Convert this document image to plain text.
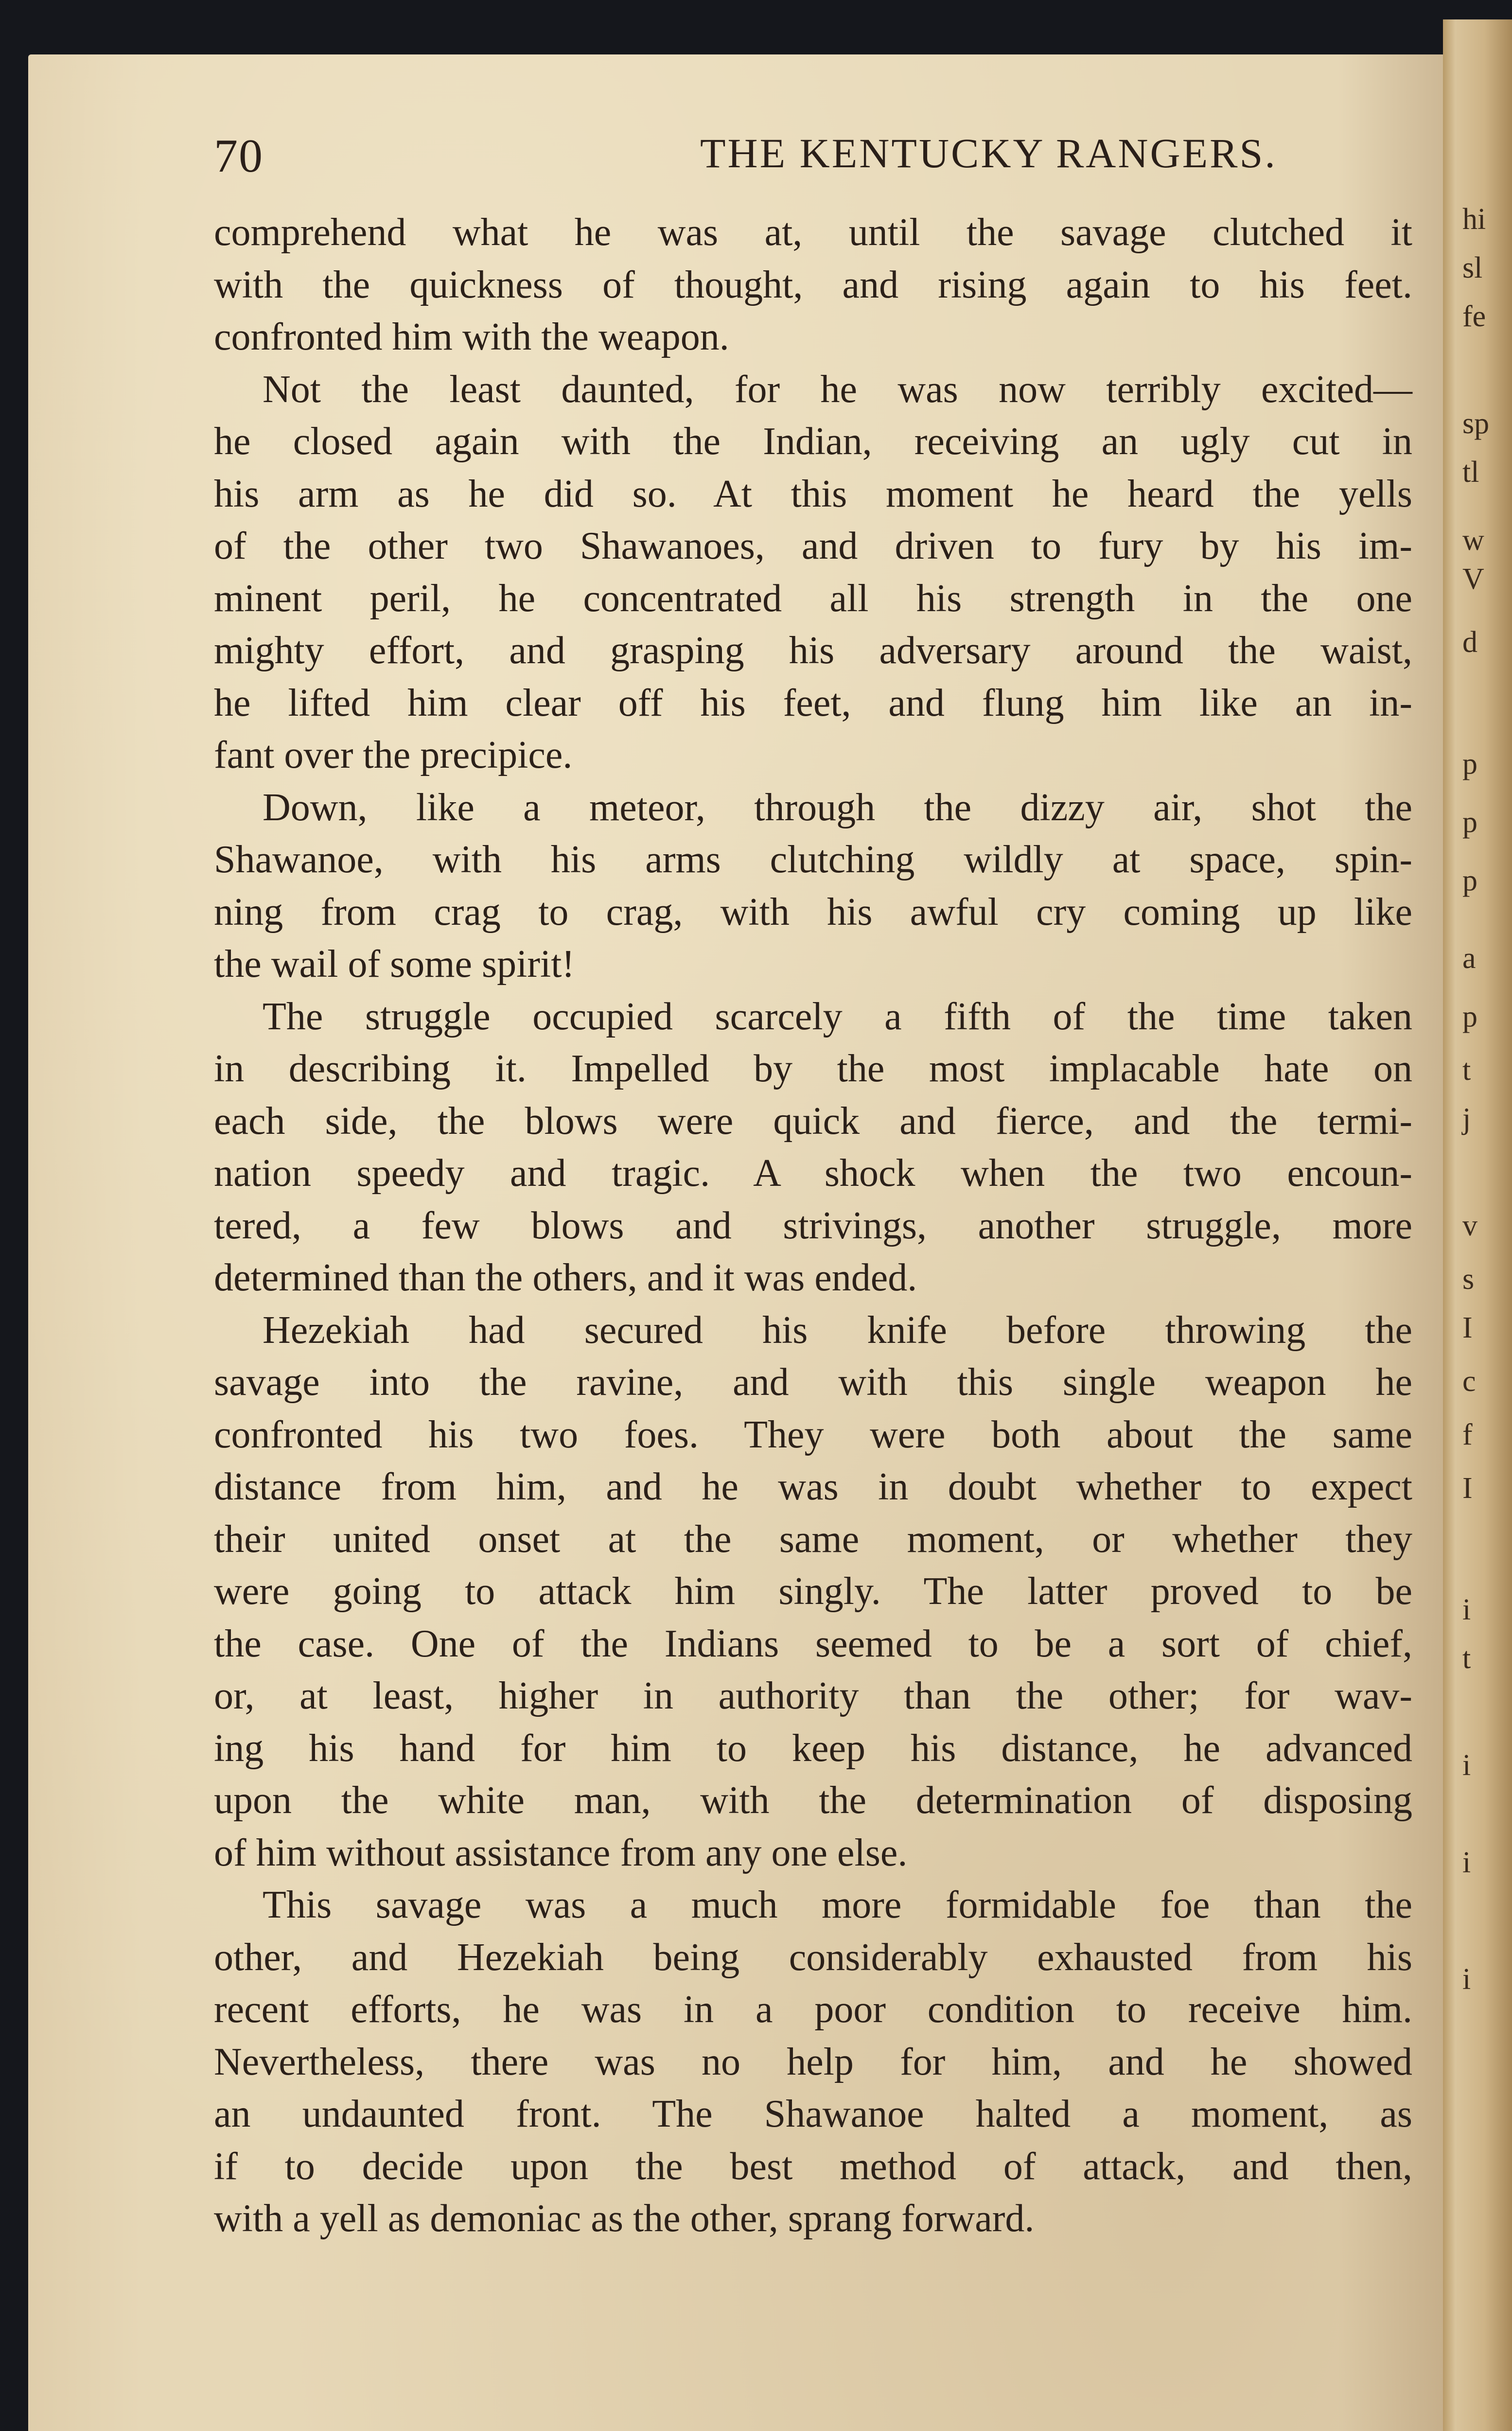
hi
sl
fe
sp
tl
w
V
d
p
p
p
a
p
t
j
v
s
I
c
f
I
i
t
i
i
i
70	THE KENTUCKY RANGERS.
comprehend what he was at, until the savage clutched it
with the quickness of thought, and rising again to his feet.
confronted him with the weapon.
Not the least daunted, for he was now terribly excited—
he closed again with the Indian, receiving an ugly cut in
his arm as he did so. At this moment he heard the yells
of the other two Shawanoes, and driven to fury by his im-
minent peril, he concentrated all his strength in the one
mighty effort, and grasping his adversary around the waist,
he lifted him clear off his feet, and flung him like an in-
fant over the precipice.
Down, like a meteor, through the dizzy air, shot the
Shawanoe, with his arms clutching wildly at space, spin-
ning from crag to crag, with his awful cry coming up like
the wail of some spirit!
The struggle occupied scarcely a fifth of the time taken
in describing it. Impelled by the most implacable hate on
each side, the blows were quick and fierce, and the termi-
nation speedy and tragic. A shock when the two encoun-
tered, a few blows and strivings, another struggle, more
determined than the others, and it was ended.
Hezekiah had secured his knife before throwing the
savage into the ravine, and with this single weapon he
confronted his two foes. They were both about the same
distance from him, and he was in doubt whether to expect
their united onset at the same moment, or whether they
were going to attack him singly. The latter proved to be
the case. One of the Indians seemed to be a sort of chief,
or, at least, higher in authority than the other; for wav-
ing his hand for him to keep his distance, he advanced
upon the white man, with the determination of disposing
of him without assistance from any one else.
This savage was a much more formidable foe than the
other, and Hezekiah being considerably exhausted from his
recent efforts, he was in a poor condition to receive him.
Nevertheless, there was no help for him, and he showed
an undaunted front. The Shawanoe halted a moment, as
if to decide upon the best method of attack, and then,
with a yell as demoniac as the other, sprang forward.
